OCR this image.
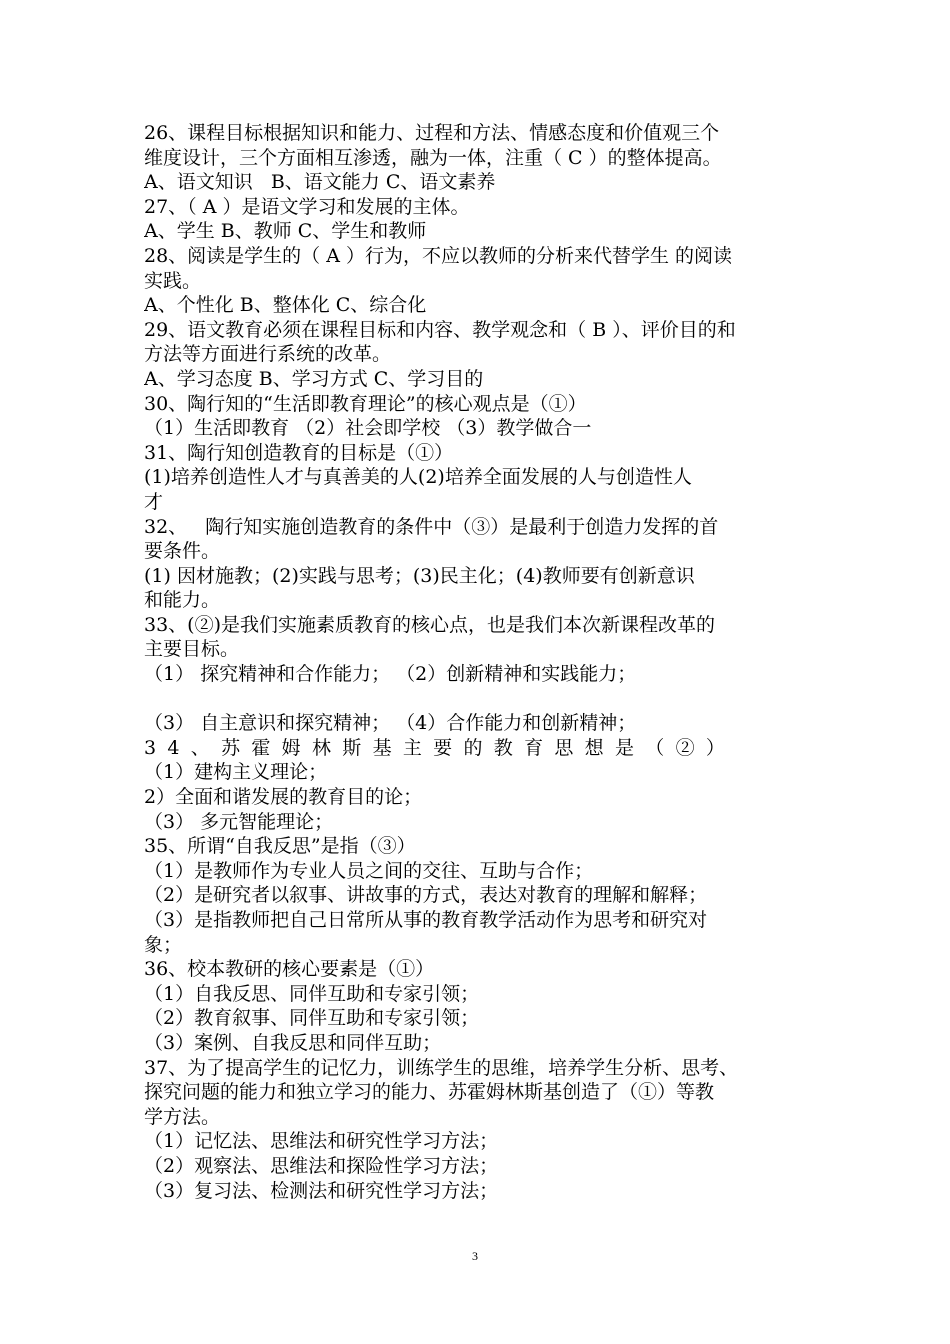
26、课程目标根据知识和能力、过程和方法、情感态度和价值观三个
维度设计，三个方面相互渗透，融为一体，注重（ C ）的整体提高。
A、语文知识   B、语文能力 C、语文素养
27、（ A ）是语文学习和发展的主体。
A、学生 B、教师 C、学生和教师
28、阅读是学生的（ A ）行为，不应以教师的分析来代替学生 的阅读
实践。
A、个性化 B、整体化 C、综合化
29、语文教育必须在课程目标和内容、教学观念和（ B ）、评价目的和
方法等方面进行系统的改革。
A、学习态度 B、学习方式 C、学习目的
30、陶行知的“生活即教育理论”的核心观点是（①）
（1）生活即教育 （2）社会即学校 （3）教学做合一
31、陶行知创造教育的目标是（①）
(1)培养创造性人才与真善美的人(2)培养全面发展的人与创造性人
才
32、   陶行知实施创造教育的条件中（③）是最利于创造力发挥的首
要条件。
(1) 因材施教；(2)实践与思考；(3)民主化；(4)教师要有创新意识
和能力。
33、(②)是我们实施素质教育的核心点，也是我们本次新课程改革的
主要目标。
（1） 探究精神和合作能力； （2）创新精神和实践能力；
（3） 自主意识和探究精神； （4）合作能力和创新精神；
34、苏霍姆林斯基主要的教育思想是（②）
（1）建构主义理论；
2）全面和谐发展的教育目的论；
（3） 多元智能理论；
35、所谓“自我反思”是指（③）
（1）是教师作为专业人员之间的交往、互助与合作；
（2）是研究者以叙事、讲故事的方式，表达对教育的理解和解释；
（3）是指教师把自己日常所从事的教育教学活动作为思考和研究对
象；
36、校本教研的核心要素是（①）
（1）自我反思、同伴互助和专家引领；
（2）教育叙事、同伴互助和专家引领；
（3）案例、自我反思和同伴互助；
37、为了提高学生的记忆力，训练学生的思维，培养学生分析、思考、
探究问题的能力和独立学习的能力、苏霍姆林斯基创造了（①）等教
学方法。
（1）记忆法、思维法和研究性学习方法；
（2）观察法、思维法和探险性学习方法；
（3）复习法、检测法和研究性学习方法；
3
